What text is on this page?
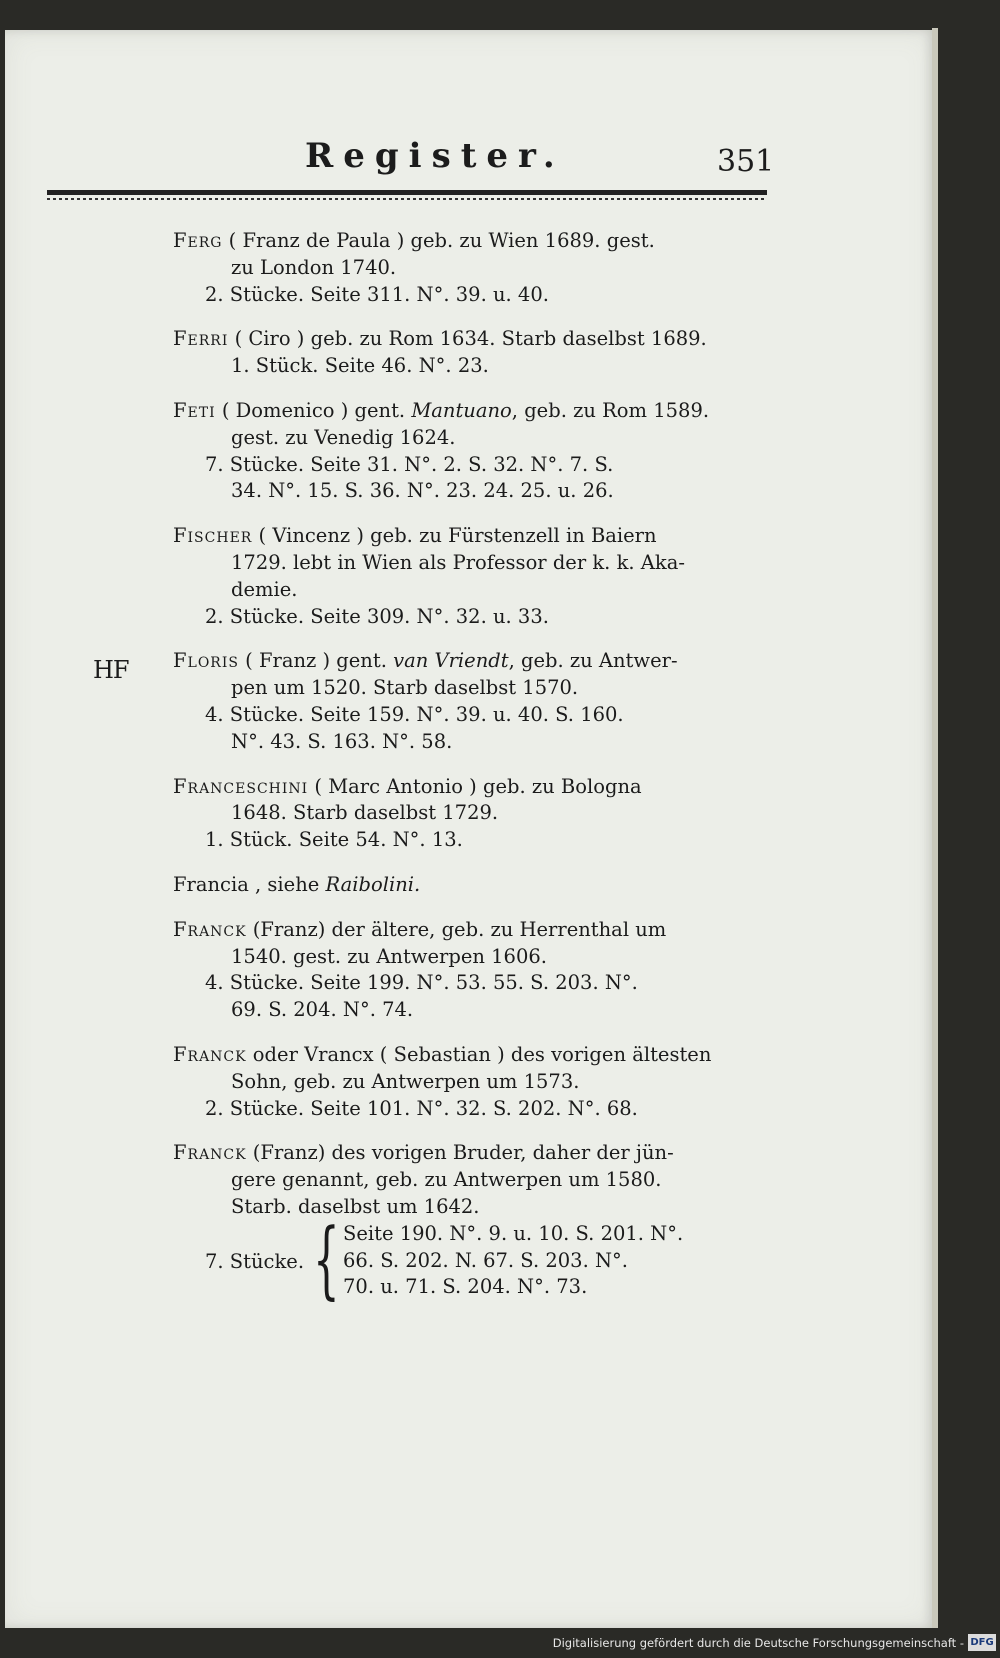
Register.	351
HF
Ferg ( Franz de Paula ) geb. zu Wien 1689. gest.
zu London 1740.
2. Stücke. Seite 311. N°. 39. u. 40.
Ferri ( Ciro ) geb. zu Rom 1634. Starb daselbst 1689.
1. Stück. Seite 46. N°. 23.
Feti ( Domenico ) gent. Mantuano, geb. zu Rom 1589.
gest. zu Venedig 1624.
7. Stücke. Seite 31. N°. 2. S. 32. N°. 7. S.
34. N°. 15. S. 36. N°. 23. 24. 25. u. 26.
Fischer ( Vincenz ) geb. zu Fürstenzell in Baiern
1729. lebt in Wien als Professor der k. k. Aka-
demie.
2. Stücke. Seite 309. N°. 32. u. 33.
Floris ( Franz ) gent. van Vriendt, geb. zu Antwer-
pen um 1520. Starb daselbst 1570.
4. Stücke. Seite 159. N°. 39. u. 40. S. 160.
N°. 43. S. 163. N°. 58.
Franceschini ( Marc Antonio ) geb. zu Bologna
1648. Starb daselbst 1729.
1. Stück. Seite 54. N°. 13.
Francia , siehe Raibolini.
Franck (Franz) der ältere, geb. zu Herrenthal um
1540. gest. zu Antwerpen 1606.
4. Stücke. Seite 199. N°. 53. 55. S. 203. N°.
69. S. 204. N°. 74.
Franck oder Vrancx ( Sebastian ) des vorigen ältesten
Sohn, geb. zu Antwerpen um 1573.
2. Stücke. Seite 101. N°. 32. S. 202. N°. 68.
Franck (Franz) des vorigen Bruder, daher der jün-
gere genannt, geb. zu Antwerpen um 1580.
Starb. daselbst um 1642.
7. Stücke. { Seite 190. N°. 9. u. 10. S. 201. N°.
66. S. 202. N. 67. S. 203. N°.
70. u. 71. S. 204. N°. 73.
Digitalisierung gefördert durch die Deutsche Forschungsgemeinschaft - DFG
